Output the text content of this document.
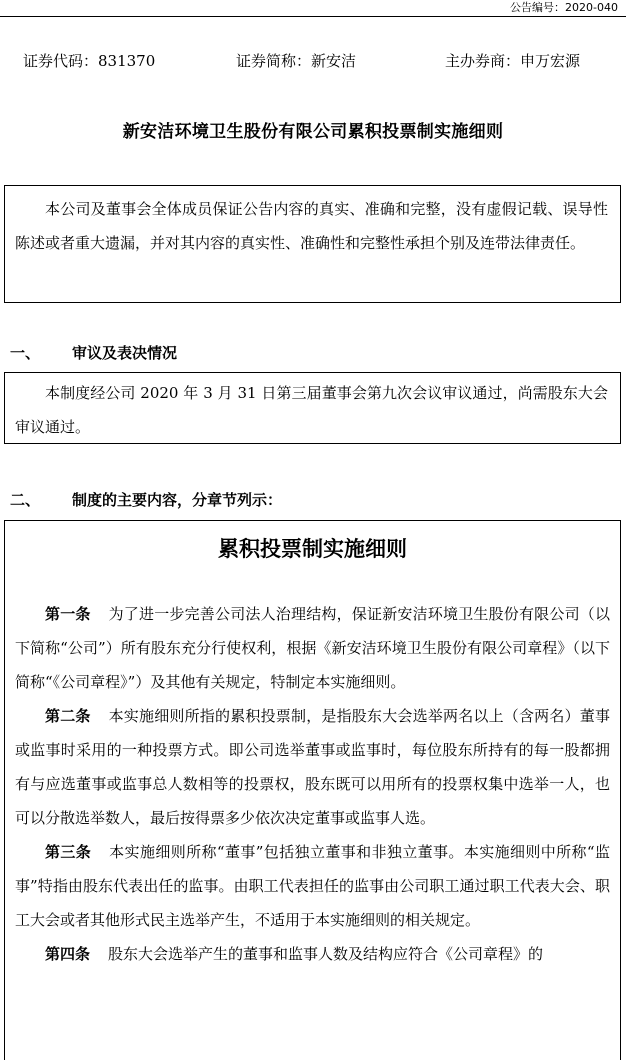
公告编号：2020-040
证券代码：831370	证券简称：新安洁	主办券商：申万宏源
新安洁环境卫生股份有限公司累积投票制实施细则

本公司及董事会全体成员保证公告内容的真实、准确和完整，没有虚假记载、误导性陈述或者重大遗漏，并对其内容的真实性、准确性和完整性承担个别及连带法律责任。

一、 审议及表决情况

本制度经公司 2020 年 3 月 31 日第三届董事会第九次会议审议通过，尚需股东大会审议通过。

二、 制度的主要内容，分章节列示：
累积投票制实施细则

第一条 为了进一步完善公司法人治理结构，保证新安洁环境卫生股份有限公司（以下简称“公司”）所有股东充分行使权利，根据《新安洁环境卫生股份有限公司章程》（以下简称“《公司章程》”）及其他有关规定，特制定本实施细则。

第二条 本实施细则所指的累积投票制，是指股东大会选举两名以上（含两名）董事或监事时采用的一种投票方式。即公司选举董事或监事时，每位股东所持有的每一股都拥有与应选董事或监事总人数相等的投票权，股东既可以用所有的投票权集中选举一人，也可以分散选举数人，最后按得票多少依次决定董事或监事人选。

第三条 本实施细则所称“董事”包括独立董事和非独立董事。本实施细则中所称“监事”特指由股东代表出任的监事。由职工代表担任的监事由公司职工通过职工代表大会、职工大会或者其他形式民主选举产生，不适用于本实施细则的相关规定。

第四条 股东大会选举产生的董事和监事人数及结构应符合《公司章程》的
